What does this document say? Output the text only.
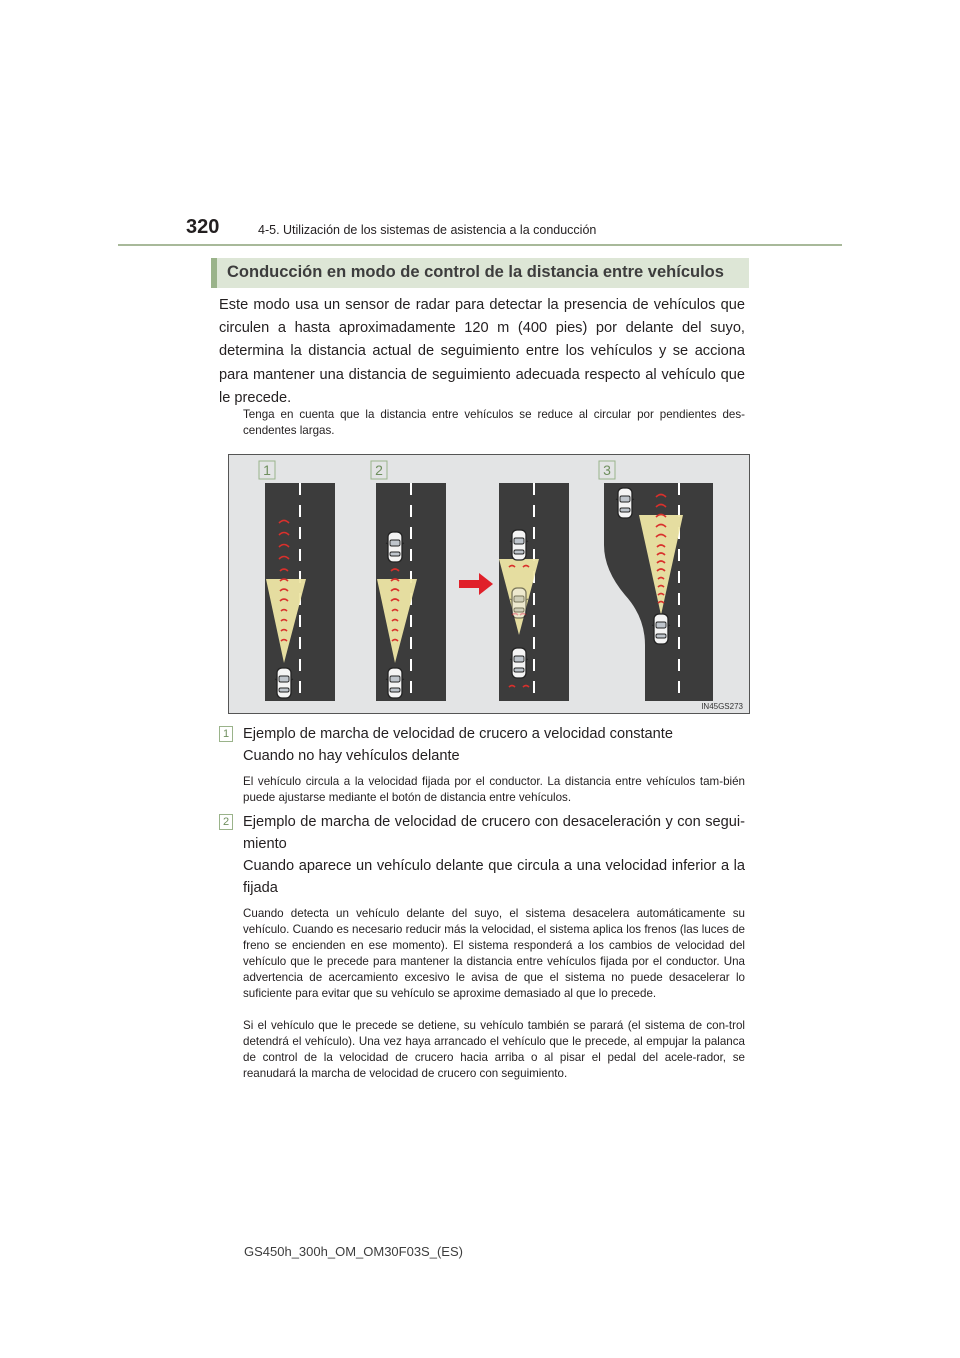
320	4-5. Utilización de los sistemas de asistencia a la conducción
Conducción en modo de control de la distancia entre vehículos
Este modo usa un sensor de radar para detectar la presencia de vehículos que circulen a hasta aproximadamente 120 m (400 pies) por delante del suyo, determina la distancia actual de seguimiento entre los vehículos y se acciona para mantener una distancia de seguimiento adecuada respecto al vehículo que le precede.
Tenga en cuenta que la distancia entre vehículos se reduce al circular por pendientes des-cendentes largas.
1	2	3
IN45GS273
1 Ejemplo de marcha de velocidad de crucero a velocidad constante
Cuando no hay vehículos delante
El vehículo circula a la velocidad fijada por el conductor. La distancia entre vehículos tam-bién puede ajustarse mediante el botón de distancia entre vehículos.
2 Ejemplo de marcha de velocidad de crucero con desaceleración y con segui-miento
Cuando aparece un vehículo delante que circula a una velocidad inferior a la fijada
Cuando detecta un vehículo delante del suyo, el sistema desacelera automáticamente su vehículo. Cuando es necesario reducir más la velocidad, el sistema aplica los frenos (las luces de freno se encienden en ese momento). El sistema responderá a los cambios de velocidad del vehículo que le precede para mantener la distancia entre vehículos fijada por el conductor. Una advertencia de acercamiento excesivo le avisa de que el sistema no puede desacelerar lo suficiente para evitar que su vehículo se aproxime demasiado al que lo precede.
Si el vehículo que le precede se detiene, su vehículo también se parará (el sistema de con-trol detendrá el vehículo). Una vez haya arrancado el vehículo que le precede, al empujar la palanca de control de la velocidad de crucero hacia arriba o al pisar el pedal del acele-rador, se reanudará la marcha de velocidad de crucero con seguimiento.
GS450h_300h_OM_OM30F03S_(ES)
